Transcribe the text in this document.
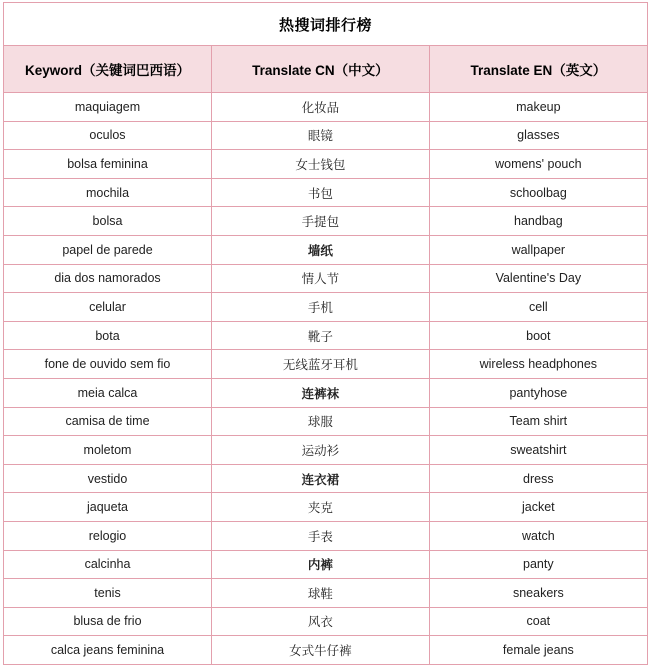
热搜词排行榜		
Keyword（关键词巴西语）	Translate CN（中文）	Translate EN（英文）
maquiagem	化妆品	makeup
oculos	眼镜	glasses
bolsa feminina	女士钱包	womens' pouch
mochila	书包	schoolbag
bolsa	手提包	handbag
papel de parede	墙纸	wallpaper
dia dos namorados	情人节	Valentine's Day
celular	手机	cell
bota	靴子	boot
fone de ouvido sem fio	无线蓝牙耳机	wireless headphones
meia calca	连裤袜	pantyhose
camisa de time	球服	Team shirt
moletom	运动衫	sweatshirt
vestido	连衣裙	dress
jaqueta	夹克	jacket
relogio	手表	watch
calcinha	内裤	panty
tenis	球鞋	sneakers
blusa de frio	风衣	coat
calca jeans feminina	女式牛仔裤	female jeans
